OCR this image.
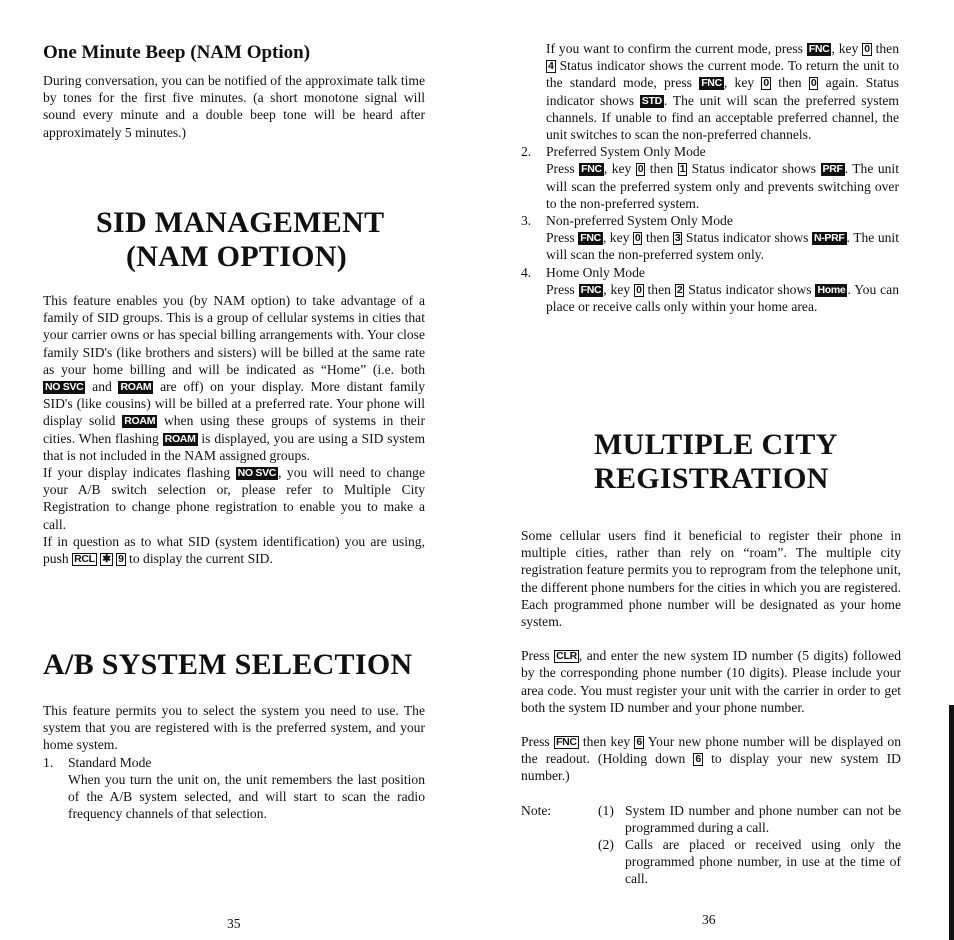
One Minute Beep (NAM Option)

During conversation, you can be notified of the approximate talk time by tones for the first five minutes. (a short monotone signal will sound every minute and a double beep tone will be heard after approximately 5 minutes.)

SID MANAGEMENT
(NAM OPTION)

This feature enables you (by NAM option) to take advantage of a family of SID groups. This is a group of cellular systems in cities that your carrier owns or has special billing arrangements with. Your close family SID's (like brothers and sisters) will be billed at the same rate as your home billing and will be indicated as “Home” (i.e. both NO SVC and ROAM are off) on your display. More distant family SID's (like cousins) will be billed at a preferred rate. Your phone will display solid ROAM when using these groups of systems in their cities. When flashing ROAM is displayed, you are using a SID system that is not included in the NAM assigned groups.

If your display indicates flashing NO SVC , you will need to change your A/B switch selection or, please refer to Multiple City Registration to change phone registration to enable you to make a call.

If in question as to what SID (system identification) you are using, push RCL ✱ 9 to display the current SID.

A/B SYSTEM SELECTION

This feature permits you to select the system you need to use. The system that you are registered with is the preferred system, and your home system.

1.	Standard Mode
When you turn the unit on, the unit remembers the last position of the A/B system selected, and will start to scan the radio frequency channels of that selection.
35

If you want to confirm the current mode, press FNC , key 0 then 4 Status indicator shows the current mode. To return the unit to the standard mode, press FNC , key 0 then 0 again. Status indicator shows STD . The unit will scan the preferred system channels. If unable to find an acceptable preferred channel, the unit switches to scan the non-preferred channels.

2.	Preferred System Only Mode
Press FNC , key 0 then 1 Status indicator shows PRF . The unit will scan the preferred system only and prevents switching over to the non-preferred system.
3.	Non-preferred System Only Mode
Press FNC , key 0 then 3 Status indicator shows N-PRF . The unit will scan the non-preferred system only.
4.	Home Only Mode
Press FNC , key 0 then 2 Status indicator shows Home . You can place or receive calls only within your home area.
MULTIPLE CITY
REGISTRATION

Some cellular users find it beneficial to register their phone in multiple cities, rather than rely on “roam”. The multiple city registration feature permits you to reprogram from the telephone unit, the different phone numbers for the cities in which you are registered. Each programmed phone number will be designated as your home system.

Press CLR , and enter the new system ID number (5 digits) followed by the corresponding phone number (10 digits). Please include your area code. You must register your unit with the carrier in order to get both the system ID number and your phone number.

Press FNC then key 6 Your new phone number will be displayed on the readout. (Holding down 6 to display your new system ID number.)

Note:	(1) System ID number and phone number can not be programmed during a call.
(2) Calls are placed or received using only the programmed phone number, in use at the time of call.
36
